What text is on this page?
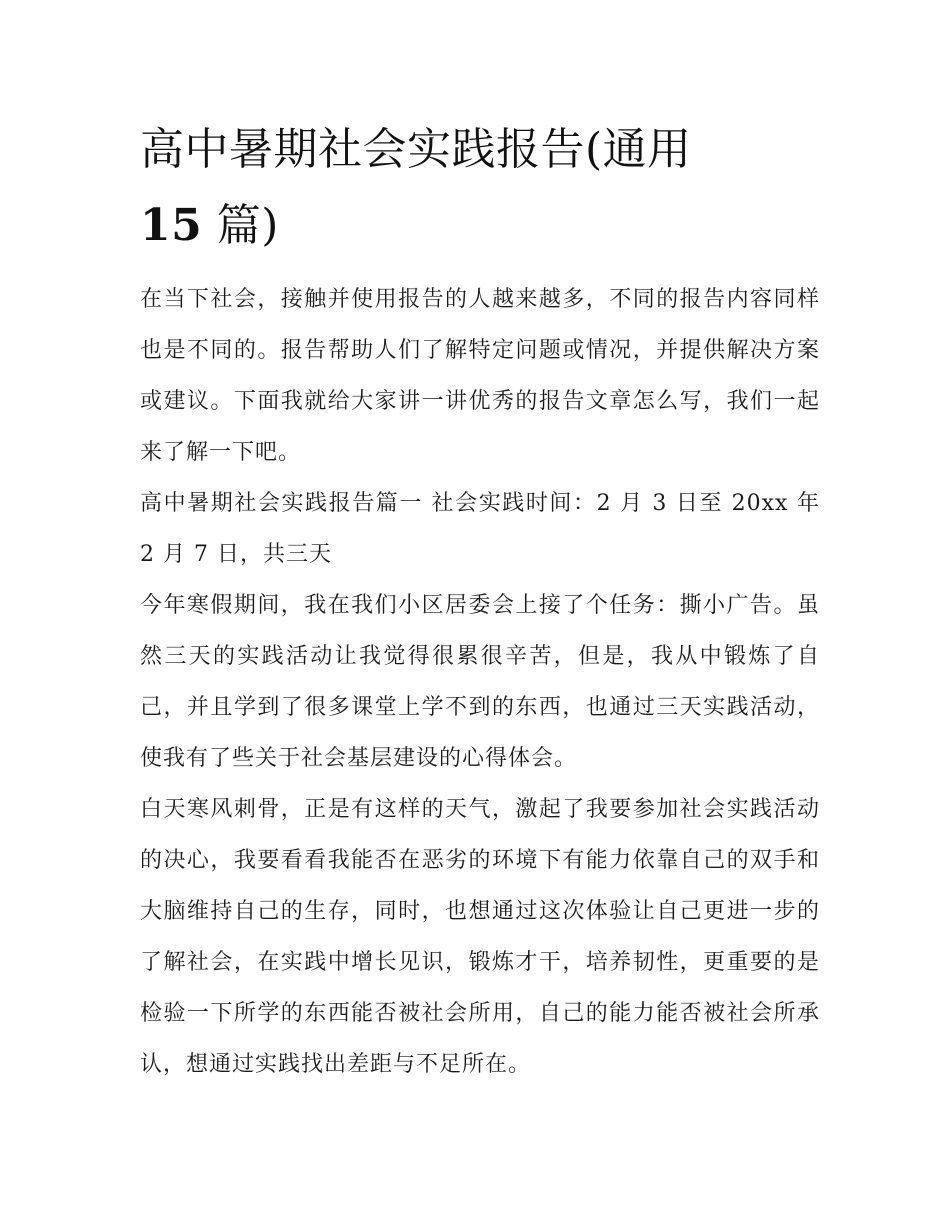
高中暑期社会实践报告(通用
15 篇)

在当下社会，接触并使用报告的人越来越多，不同的报告内容同样也是不同的。报告帮助人们了解特定问题或情况，并提供解决方案或建议。下面我就给大家讲一讲优秀的报告文章怎么写，我们一起来了解一下吧。

高中暑期社会实践报告篇一 社会实践时间：2 月 3 日至 20xx 年 2 月 7 日，共三天

今年寒假期间，我在我们小区居委会上接了个任务：撕小广告。虽然三天的实践活动让我觉得很累很辛苦，但是，我从中锻炼了自己，并且学到了很多课堂上学不到的东西，也通过三天实践活动，使我有了些关于社会基层建设的心得体会。

白天寒风刺骨，正是有这样的天气，激起了我要参加社会实践活动的决心，我要看看我能否在恶劣的环境下有能力依靠自己的双手和大脑维持自己的生存，同时，也想通过这次体验让自己更进一步的了解社会，在实践中增长见识，锻炼才干，培养韧性，更重要的是检验一下所学的东西能否被社会所用，自己的能力能否被社会所承认，想通过实践找出差距与不足所在。
